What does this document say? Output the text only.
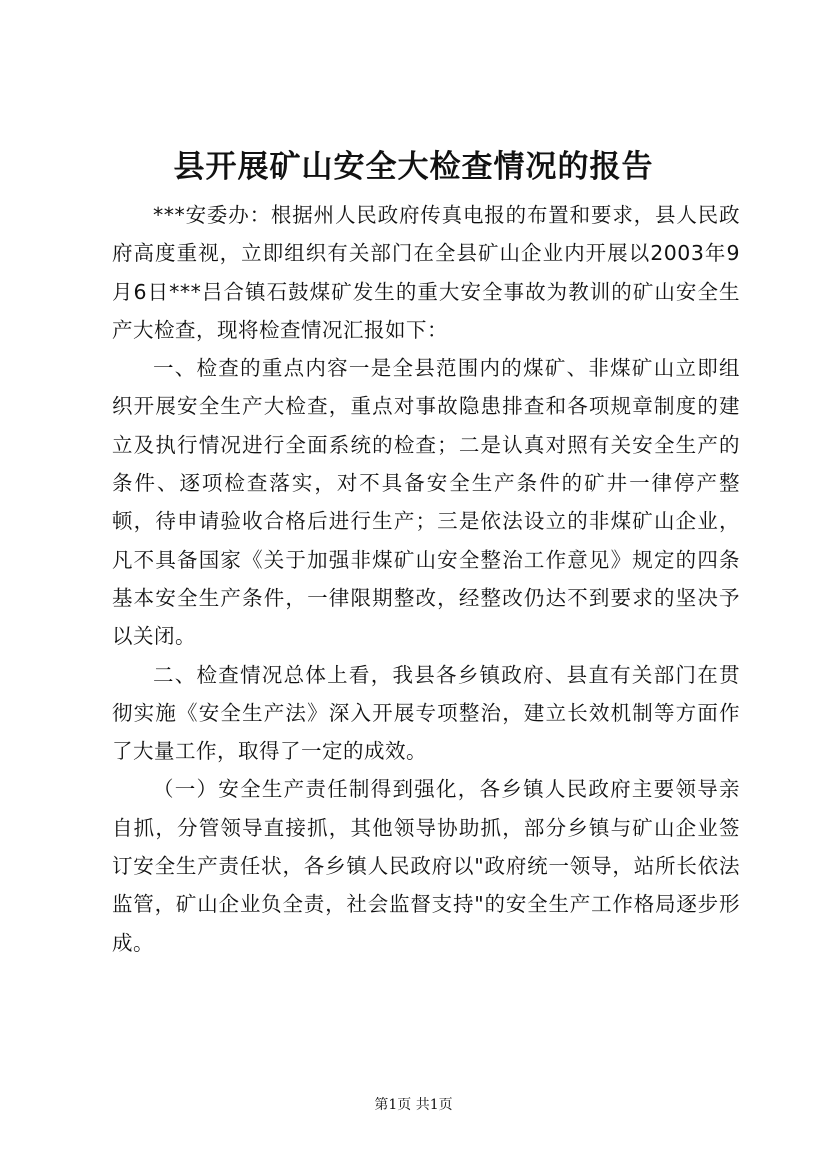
县开展矿山安全大检查情况的报告

***安委办：根据州人民政府传真电报的布置和要求，县人民政府高度重视，立即组织有关部门在全县矿山企业内开展以2003年9月6日***吕合镇石鼓煤矿发生的重大安全事故为教训的矿山安全生产大检查，现将检查情况汇报如下：

一、检查的重点内容一是全县范围内的煤矿、非煤矿山立即组织开展安全生产大检查，重点对事故隐患排查和各项规章制度的建立及执行情况进行全面系统的检查；二是认真对照有关安全生产的条件、逐项检查落实，对不具备安全生产条件的矿井一律停产整顿，待申请验收合格后进行生产；三是依法设立的非煤矿山企业，凡不具备国家《关于加强非煤矿山安全整治工作意见》规定的四条基本安全生产条件，一律限期整改，经整改仍达不到要求的坚决予以关闭。

二、检查情况总体上看，我县各乡镇政府、县直有关部门在贯彻实施《安全生产法》深入开展专项整治，建立长效机制等方面作了大量工作，取得了一定的成效。

（一）安全生产责任制得到强化，各乡镇人民政府主要领导亲自抓，分管领导直接抓，其他领导协助抓，部分乡镇与矿山企业签订安全生产责任状，各乡镇人民政府以"政府统一领导，站所长依法监管，矿山企业负全责，社会监督支持"的安全生产工作格局逐步形成。

第1页 共1页
